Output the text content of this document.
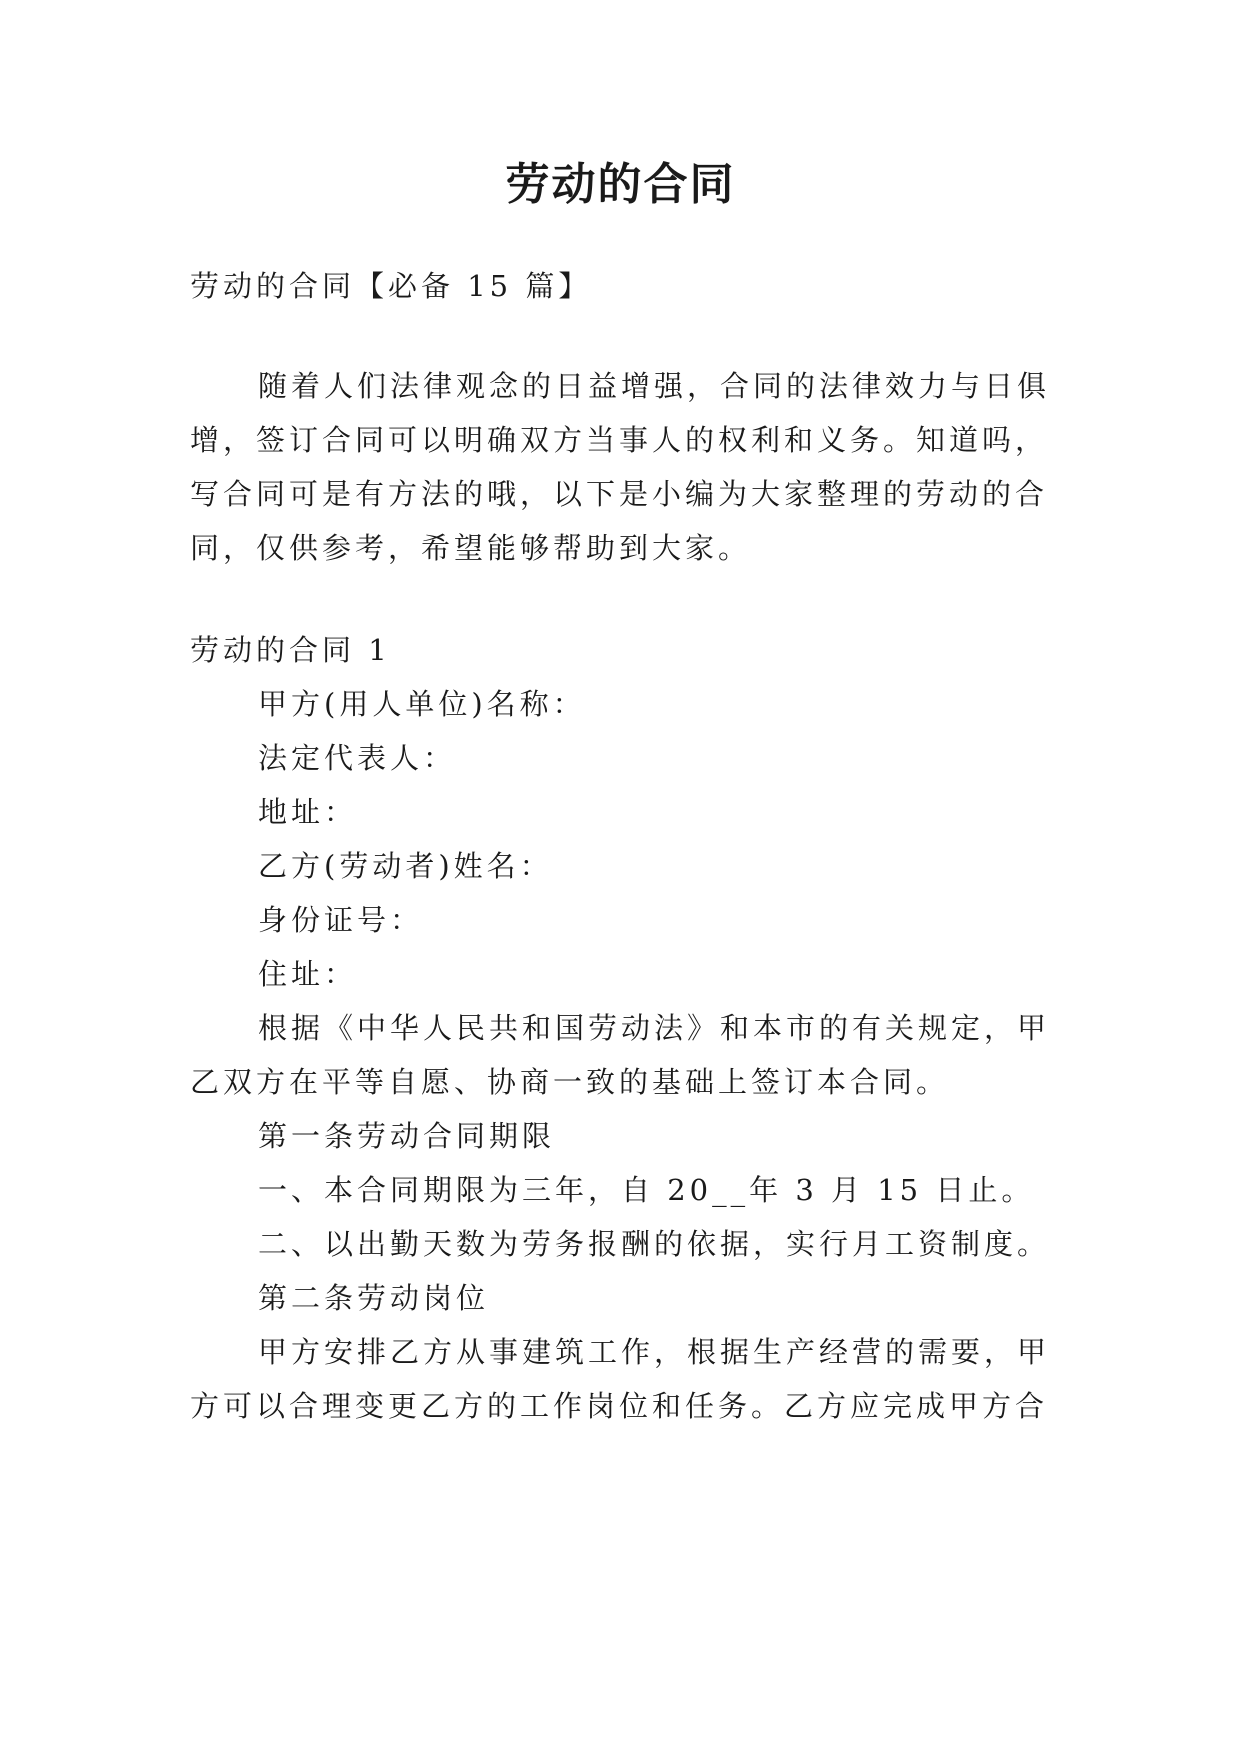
劳动的合同
劳动的合同【必备 15 篇】
随着人们法律观念的日益增强，合同的法律效力与日俱
增，签订合同可以明确双方当事人的权利和义务。知道吗，
写合同可是有方法的哦，以下是小编为大家整理的劳动的合
同，仅供参考，希望能够帮助到大家。
劳动的合同 1
甲方(用人单位)名称：
法定代表人：
地址：
乙方(劳动者)姓名：
身份证号：
住址：
根据《中华人民共和国劳动法》和本市的有关规定，甲
乙双方在平等自愿、协商一致的基础上签订本合同。
第一条劳动合同期限
一、本合同期限为三年，自 20__年 3 月 15 日止。
二、以出勤天数为劳务报酬的依据，实行月工资制度。
第二条劳动岗位
甲方安排乙方从事建筑工作，根据生产经营的需要，甲
方可以合理变更乙方的工作岗位和任务。乙方应完成甲方合
